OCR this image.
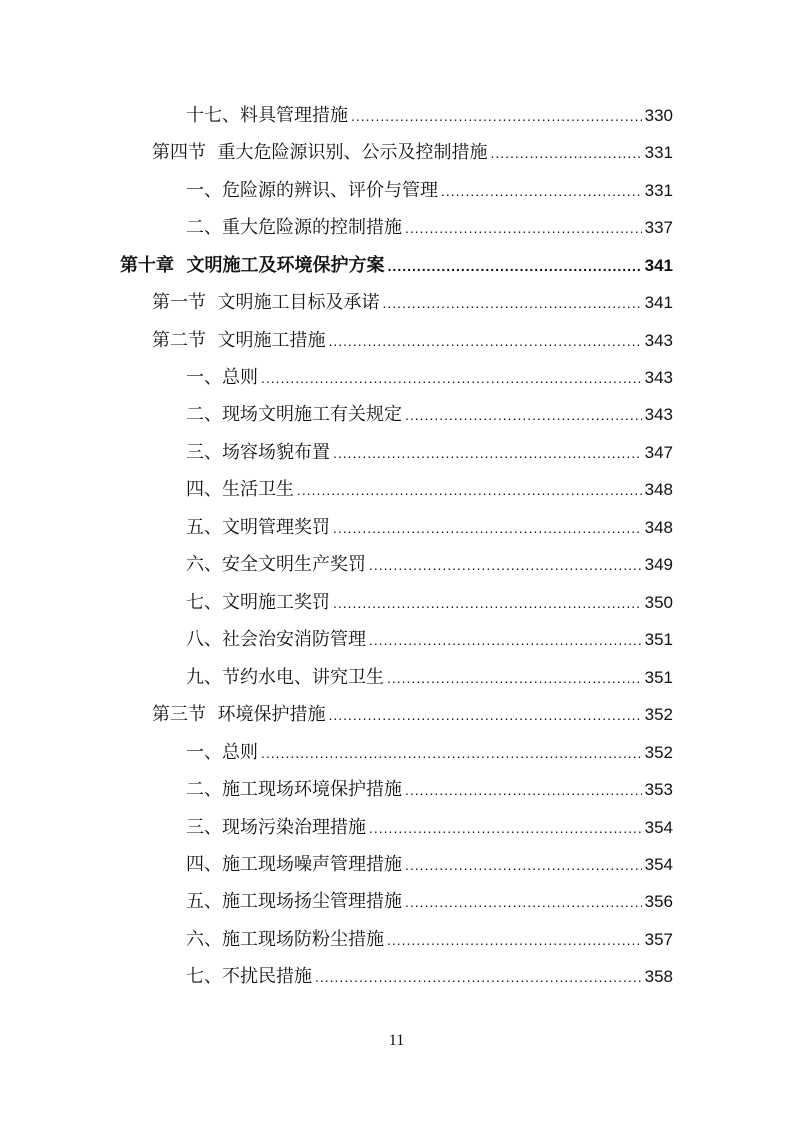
十七、料具管理措施 .....	330
第四节  重大危险源识别、公示及控制措施 .....	331
一、危险源的辨识、评价与管理 .....	331
二、重大危险源的控制措施 .....	337
第十章  文明施工及环境保护方案 .....	341
第一节  文明施工目标及承诺 .....	341
第二节  文明施工措施 .....	343
一、总则 .....	343
二、现场文明施工有关规定 .....	343
三、场容场貌布置 .....	347
四、生活卫生 .....	348
五、文明管理奖罚 .....	348
六、安全文明生产奖罚 .....	349
七、文明施工奖罚 .....	350
八、社会治安消防管理 .....	351
九、节约水电、讲究卫生 .....	351
第三节  环境保护措施 .....	352
一、总则 .....	352
二、施工现场环境保护措施 .....	353
三、现场污染治理措施 .....	354
四、施工现场噪声管理措施 .....	354
五、施工现场扬尘管理措施 .....	356
六、施工现场防粉尘措施 .....	357
七、不扰民措施 .....	358
11
